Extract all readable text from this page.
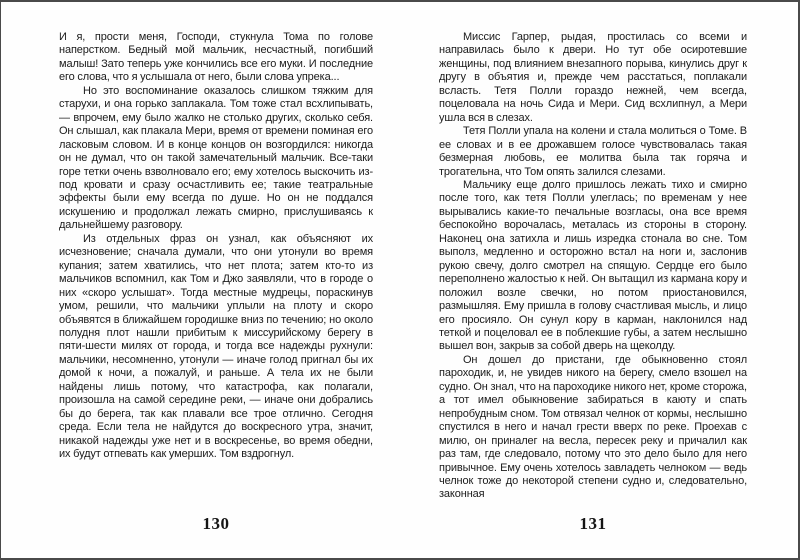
И я, прости меня, Господи, стукнула Тома по голове наперстком. Бедный мой мальчик, несчастный, погибший малыш! Зато теперь уже кончились все его муки. И последние его слова, что я услышала от него, были слова упрека...

Но это воспоминание оказалось слишком тяжким для старухи, и она горько заплакала. Том тоже стал всхлипывать, — впрочем, ему было жалко не столько других, сколько себя. Он слышал, как плакала Мери, время от времени поминая его ласковым словом. И в конце концов он возгордился: никогда он не думал, что он такой замечательный мальчик. Все-таки горе тетки очень взволновало его; ему хотелось выскочить из-под кровати и сразу осчастливить ее; такие театральные эффекты были ему всегда по душе. Но он не поддался искушению и продолжал лежать смирно, прислушиваясь к дальнейшему разговору.

Из отдельных фраз он узнал, как объясняют их исчезновение; сначала думали, что они утонули во время купания; затем хватились, что нет плота; затем кто-то из мальчиков вспомнил, как Том и Джо заявляли, что в городе о них «скоро услышат». Тогда местные мудрецы, пораскинув умом, решили, что мальчики уплыли на плоту и скоро объявятся в ближайшем городишке вниз по течению; но около полудня плот нашли прибитым к миссурийскому берегу в пяти-шести милях от города, и тогда все надежды рухнули: мальчики, несомненно, утонули — иначе голод пригнал бы их домой к ночи, а пожалуй, и раньше. А тела их не были найдены лишь потому, что катастрофа, как полагали, произошла на самой середине реки, — иначе они добрались бы до берега, так как плавали все трое отлично. Сегодня среда. Если тела не найдутся до воскресного утра, значит, никакой надежды уже нет и в воскресенье, во время обедни, их будут отпевать как умерших. Том вздрогнул.

130

Миссис Гарпер, рыдая, простилась со всеми и направилась было к двери. Но тут обе осиротевшие женщины, под влиянием внезапного порыва, кинулись друг к другу в объятия и, прежде чем расстаться, поплакали всласть. Тетя Полли гораздо нежней, чем всегда, поцеловала на ночь Сида и Мери. Сид всхлипнул, а Мери ушла вся в слезах.

Тетя Полли упала на колени и стала молиться о Томе. В ее словах и в ее дрожавшем голосе чувствовалась такая безмерная любовь, ее молитва была так горяча и трогательна, что Том опять залился слезами.

Мальчику еще долго пришлось лежать тихо и смирно после того, как тетя Полли улеглась; по временам у нее вырывались какие-то печальные возгласы, она все время беспокойно ворочалась, металась из стороны в сторону. Наконец она затихла и лишь изредка стонала во сне. Том выполз, медленно и осторожно встал на ноги и, заслонив рукою свечу, долго смотрел на спящую. Сердце его было переполнено жалостью к ней. Он вытащил из кармана кору и положил возле свечки, но потом приостановился, размышляя. Ему пришла в голову счастливая мысль, и лицо его просияло. Он сунул кору в карман, наклонился над теткой и поцеловал ее в поблекшие губы, а затем неслышно вышел вон, закрыв за собой дверь на щеколду.

Он дошел до пристани, где обыкновенно стоял пароходик, и, не увидев никого на берегу, смело взошел на судно. Он знал, что на пароходике никого нет, кроме сторожа, а тот имел обыкновение забираться в каюту и спать непробудным сном. Том отвязал челнок от кормы, неслышно спустился в него и начал грести вверх по реке. Проехав с милю, он приналег на весла, пересек реку и причалил как раз там, где следовало, потому что это дело было для него привычное. Ему очень хотелось завладеть челноком — ведь челнок тоже до некоторой степени судно и, следовательно, законная

131
